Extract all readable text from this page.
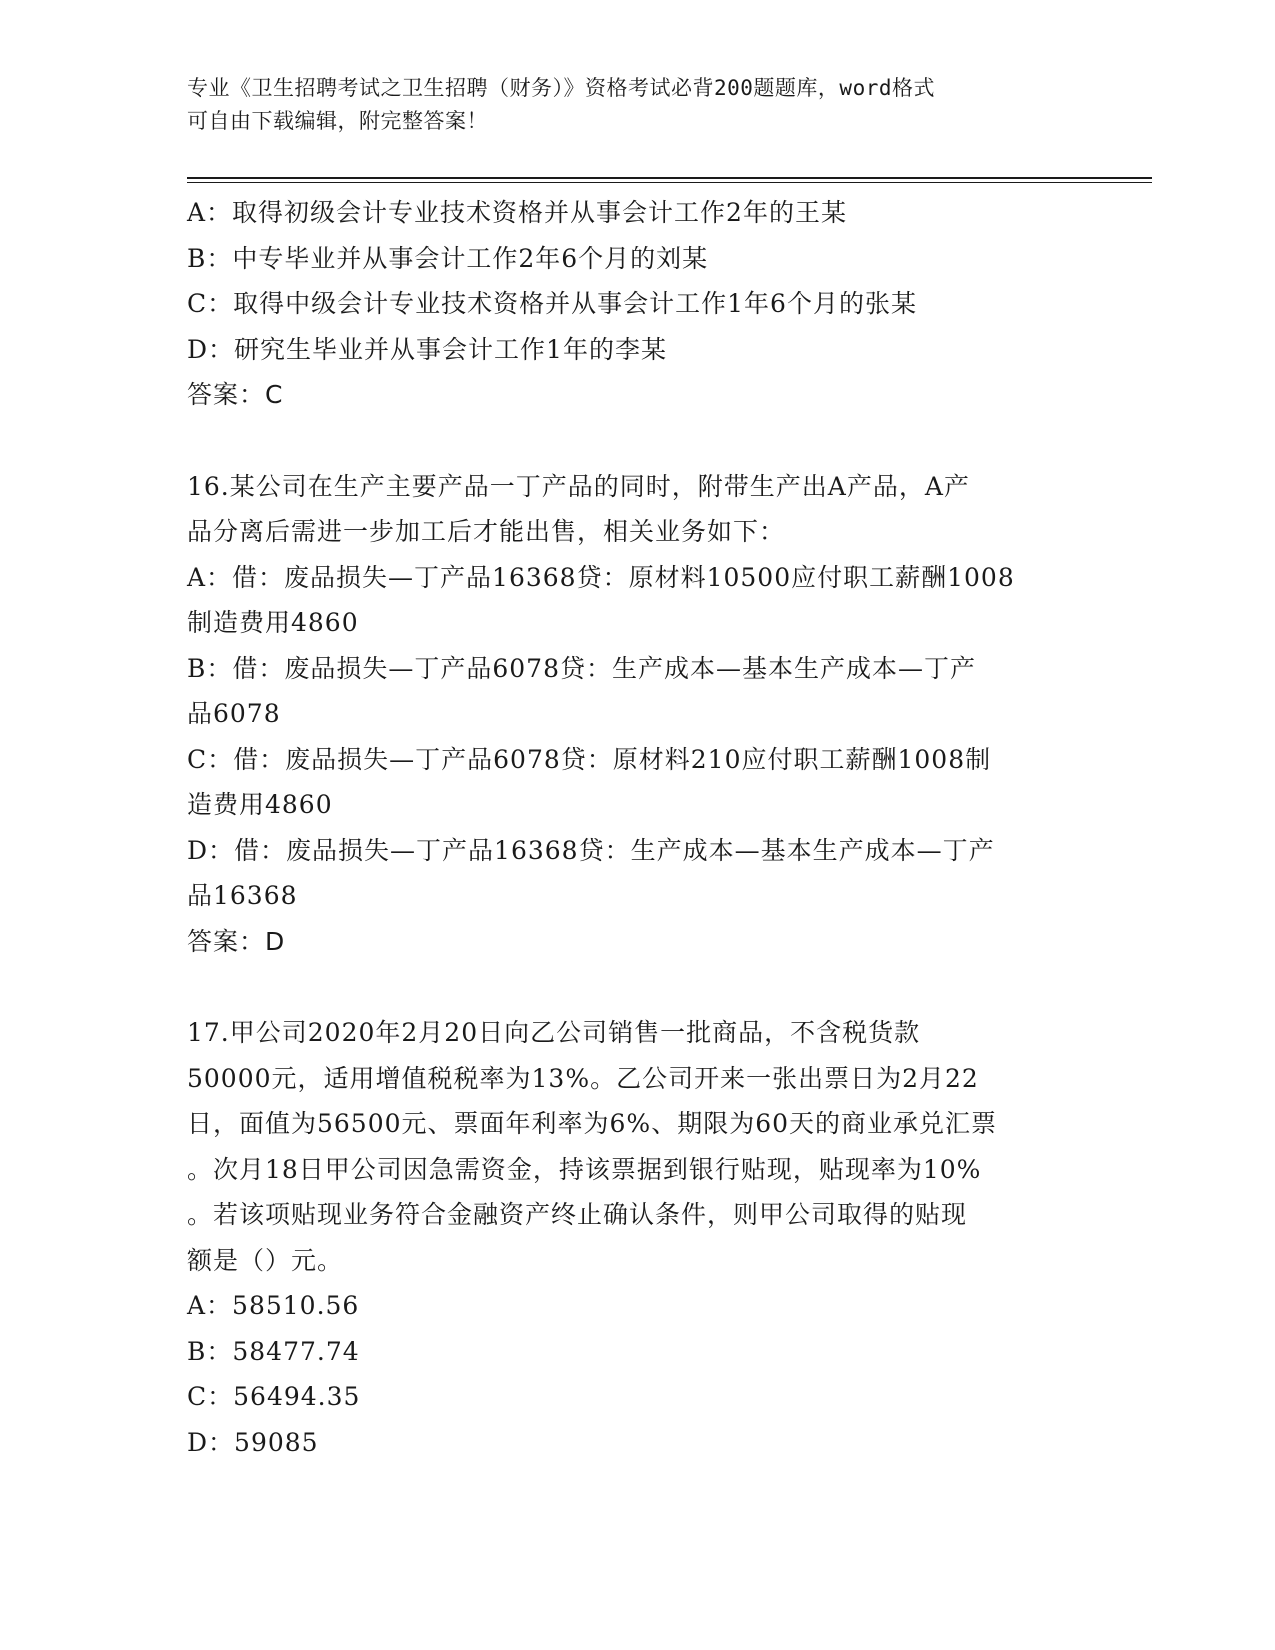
专业《卫生招聘考试之卫生招聘（财务）》资格考试必背200题题库，word格式
可自由下载编辑，附完整答案！
A：取得初级会计专业技术资格并从事会计工作2年的王某
B：中专毕业并从事会计工作2年6个月的刘某
C：取得中级会计专业技术资格并从事会计工作1年6个月的张某
D：研究生毕业并从事会计工作1年的李某
答案：C
16.某公司在生产主要产品一丁产品的同时，附带生产出A产品，A产
品分离后需进一步加工后才能出售，相关业务如下：
A：借：废品损失—丁产品16368贷：原材料10500应付职工薪酬1008
制造费用4860
B：借：废品损失—丁产品6078贷：生产成本—基本生产成本—丁产
品6078
C：借：废品损失—丁产品6078贷：原材料210应付职工薪酬1008制
造费用4860
D：借：废品损失—丁产品16368贷：生产成本—基本生产成本—丁产
品16368
答案：D
17.甲公司2020年2月20日向乙公司销售一批商品，不含税货款
50000元，适用增值税税率为13%。乙公司开来一张出票日为2月22
日，面值为56500元、票面年利率为6%、期限为60天的商业承兑汇票
。次月18日甲公司因急需资金，持该票据到银行贴现，贴现率为10%
。若该项贴现业务符合金融资产终止确认条件，则甲公司取得的贴现
额是（）元。
A：58510.56
B：58477.74
C：56494.35
D：59085
